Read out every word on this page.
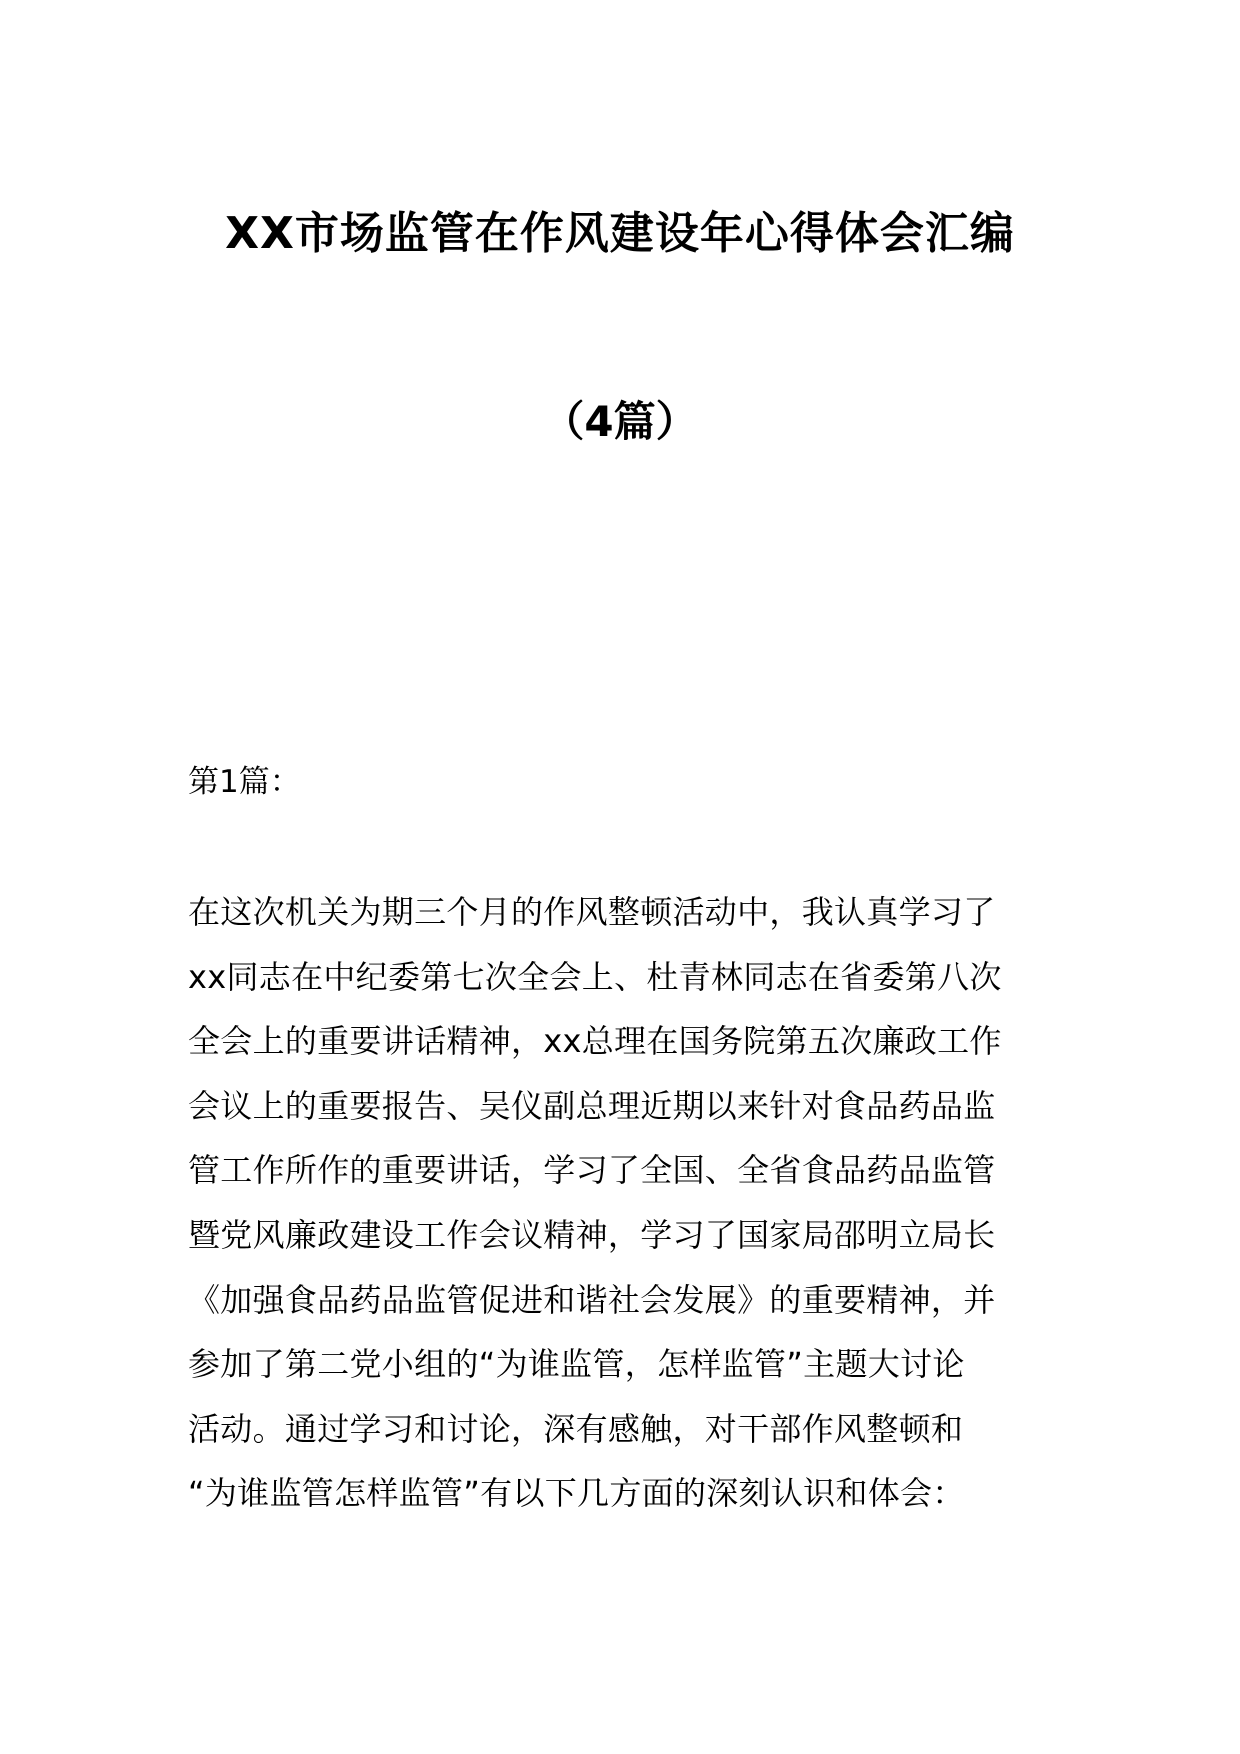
XX市场监管在作风建设年心得体会汇编
（4篇）
第1篇：
在这次机关为期三个月的作风整顿活动中，我认真学习了
xx同志在中纪委第七次全会上、杜青林同志在省委第八次
全会上的重要讲话精神，xx总理在国务院第五次廉政工作
会议上的重要报告、吴仪副总理近期以来针对食品药品监
管工作所作的重要讲话，学习了全国、全省食品药品监管
暨党风廉政建设工作会议精神，学习了国家局邵明立局长
《加强食品药品监管促进和谐社会发展》的重要精神，并
参加了第二党小组的“为谁监管，怎样监管”主题大讨论
活动。通过学习和讨论，深有感触，对干部作风整顿和
“为谁监管怎样监管”有以下几方面的深刻认识和体会：
